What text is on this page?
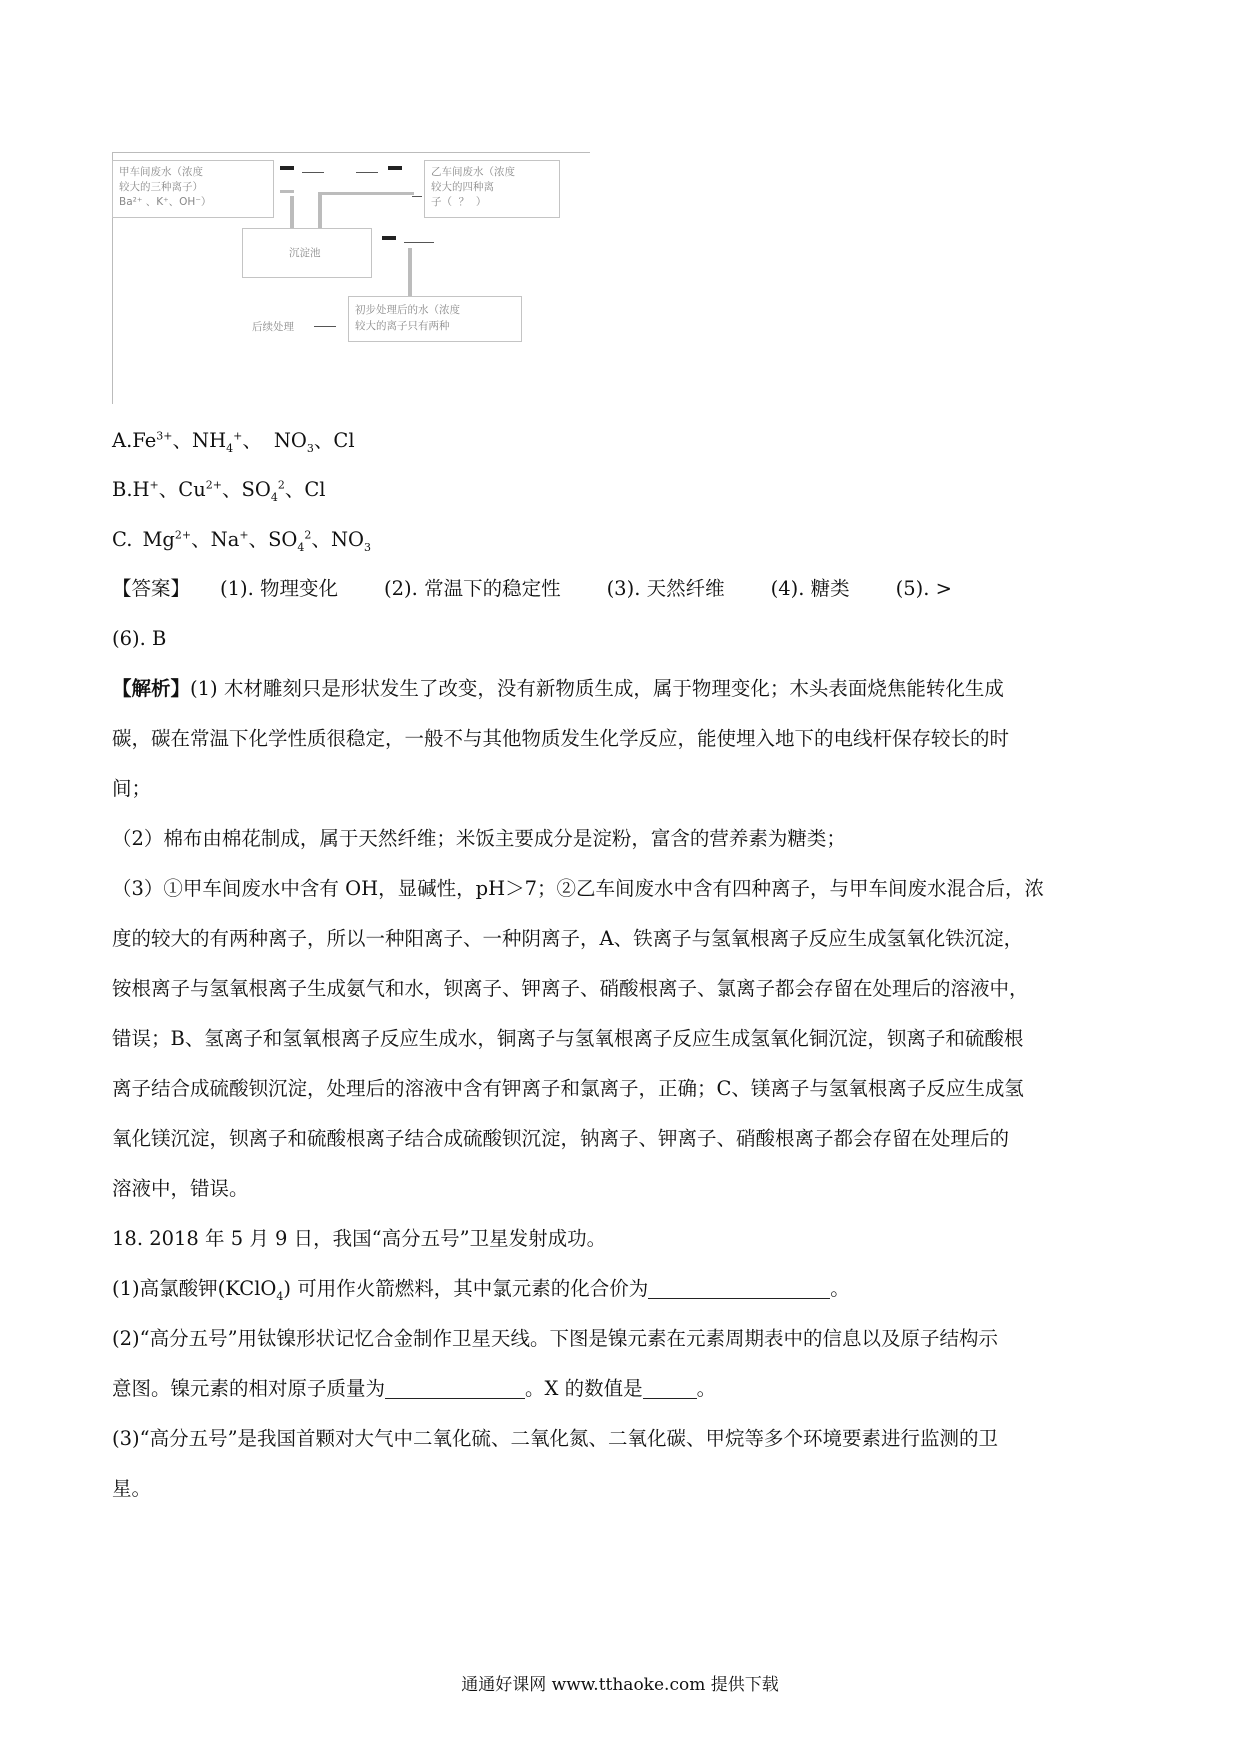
甲车间废水（浓度
较大的三种离子）
Ba²⁺ 、K⁺、OH⁻）
乙车间废水（浓度
较大的四种离
子（  ？  ）
沉淀池
初步处理后的水（浓度
较大的离子只有两种
后续处理
$A.Fe^{3+}$、$NH_4^+$、 $NO_3$、Cl
B.H+、$Cu^{2+}$、$SO_4^2$、Cl
C. $Mg^{2+}$、Na+、$SO_4^2$、$NO_3$
【答案】 (1). 物理变化 (2). 常温下的稳定性 (3). 天然纤维 (4). 糖类 (5). >
(6). B
【解析】(1) 木材雕刻只是形状发生了改变，没有新物质生成，属于物理变化；木头表面烧焦能转化生成
碳，碳在常温下化学性质很稳定，一般不与其他物质发生化学反应，能使埋入地下的电线杆保存较长的时
间；
（2）棉布由棉花制成，属于天然纤维；米饭主要成分是淀粉，富含的营养素为糖类；
（3）①甲车间废水中含有 OH，显碱性，pH＞7；②乙车间废水中含有四种离子，与甲车间废水混合后，浓
度的较大的有两种离子，所以一种阳离子、一种阴离子，A、铁离子与氢氧根离子反应生成氢氧化铁沉淀，
铵根离子与氢氧根离子生成氨气和水，钡离子、钾离子、硝酸根离子、氯离子都会存留在处理后的溶液中，
错误；B、氢离子和氢氧根离子反应生成水，铜离子与氢氧根离子反应生成氢氧化铜沉淀，钡离子和硫酸根
离子结合成硫酸钡沉淀，处理后的溶液中含有钾离子和氯离子，正确；C、镁离子与氢氧根离子反应生成氢
氧化镁沉淀，钡离子和硫酸根离子结合成硫酸钡沉淀，钠离子、钾离子、硝酸根离子都会存留在处理后的
溶液中，错误。
18. 2018 年 5 月 9 日，我国“高分五号”卫星发射成功。
(1)高氯酸钾(KClO$_4$) 可用作火箭燃料，其中氯元素的化合价为	。
(2)“高分五号”用钛镍形状记忆合金制作卫星天线。下图是镍元素在元素周期表中的信息以及原子结构示
意图。镍元素的相对原子质量为	。X 的数值是	。
(3)“高分五号”是我国首颗对大气中二氧化硫、二氧化氮、二氧化碳、甲烷等多个环境要素进行监测的卫
星。
通通好课网 www.tthaoke.com 提供下载
